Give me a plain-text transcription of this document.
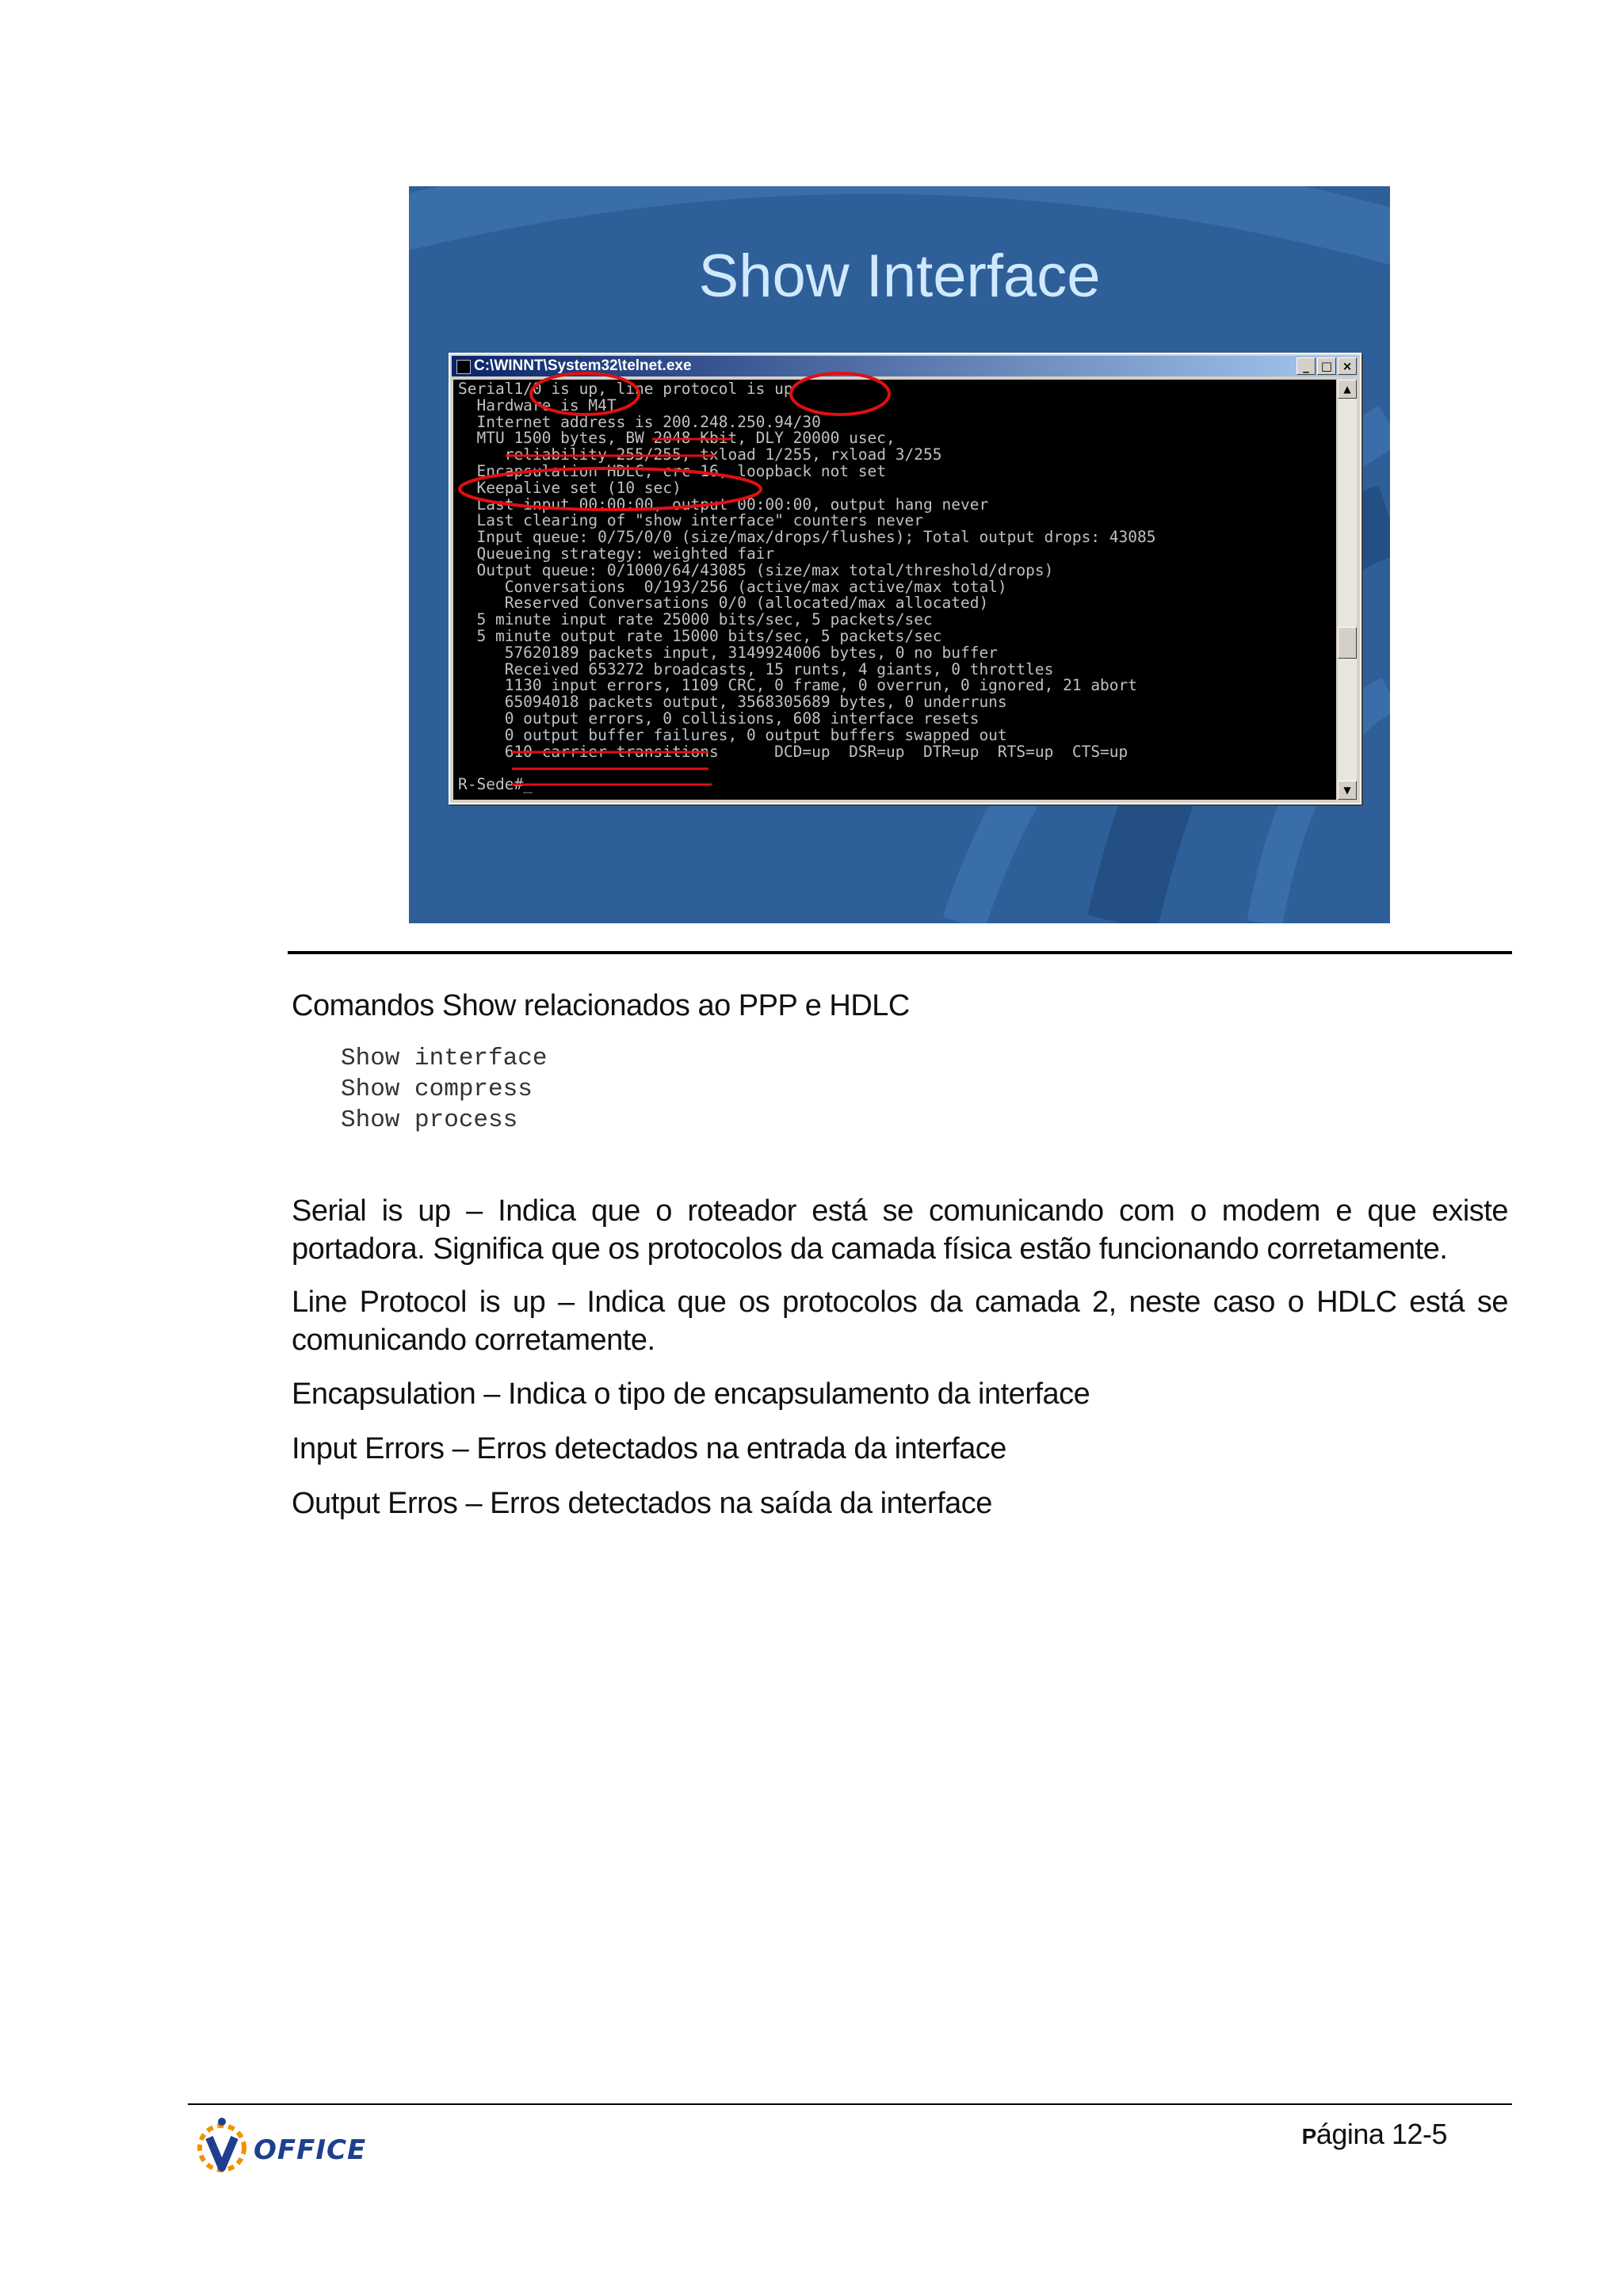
Show Interface
C:\WINNT\System32\telnet.exe	_	□ ×
Serial1/0 is up, line protocol is up
Hardware is M4T
Internet address is 200.248.250.94/30
MTU 1500 bytes, BW 2048 Kbit, DLY 20000 usec,
reliability 255/255, txload 1/255, rxload 3/255
Encapsulation HDLC, crc 16, loopback not set
Keepalive set (10 sec)
Last input 00:00:00, output 00:00:00, output hang never
Last clearing of "show interface" counters never
Input queue: 0/75/0/0 (size/max/drops/flushes); Total output drops: 43085
Queueing strategy: weighted fair
Output queue: 0/1000/64/43085 (size/max total/threshold/drops)
Conversations  0/193/256 (active/max active/max total)
Reserved Conversations 0/0 (allocated/max allocated)
5 minute input rate 25000 bits/sec, 5 packets/sec
5 minute output rate 15000 bits/sec, 5 packets/sec
57620189 packets input, 3149924006 bytes, 0 no buffer
Received 653272 broadcasts, 15 runts, 4 giants, 0 throttles
1130 input errors, 1109 CRC, 0 frame, 0 overrun, 0 ignored, 21 abort
65094018 packets output, 3568305689 bytes, 0 underruns
0 output errors, 0 collisions, 608 interface resets
0 output buffer failures, 0 output buffers swapped out
610 carrier transitions      DCD=up  DSR=up  DTR=up  RTS=up  CTS=up

R-Sede#_
▲
▼
Comandos Show relacionados ao PPP e HDLC
Show interface
Show compress
Show process

Serial is up – Indica que o roteador está se comunicando com o modem e que existe portadora. Significa que os protocolos da camada física estão funcionando corretamente.

Line Protocol is up – Indica que os protocolos da camada 2, neste caso o HDLC está se comunicando corretamente.

Encapsulation – Indica o tipo de encapsulamento da interface

Input Errors – Erros detectados na entrada da interface

Output Erros – Erros detectados na saída da interface

OFFICE	Página 12-5
